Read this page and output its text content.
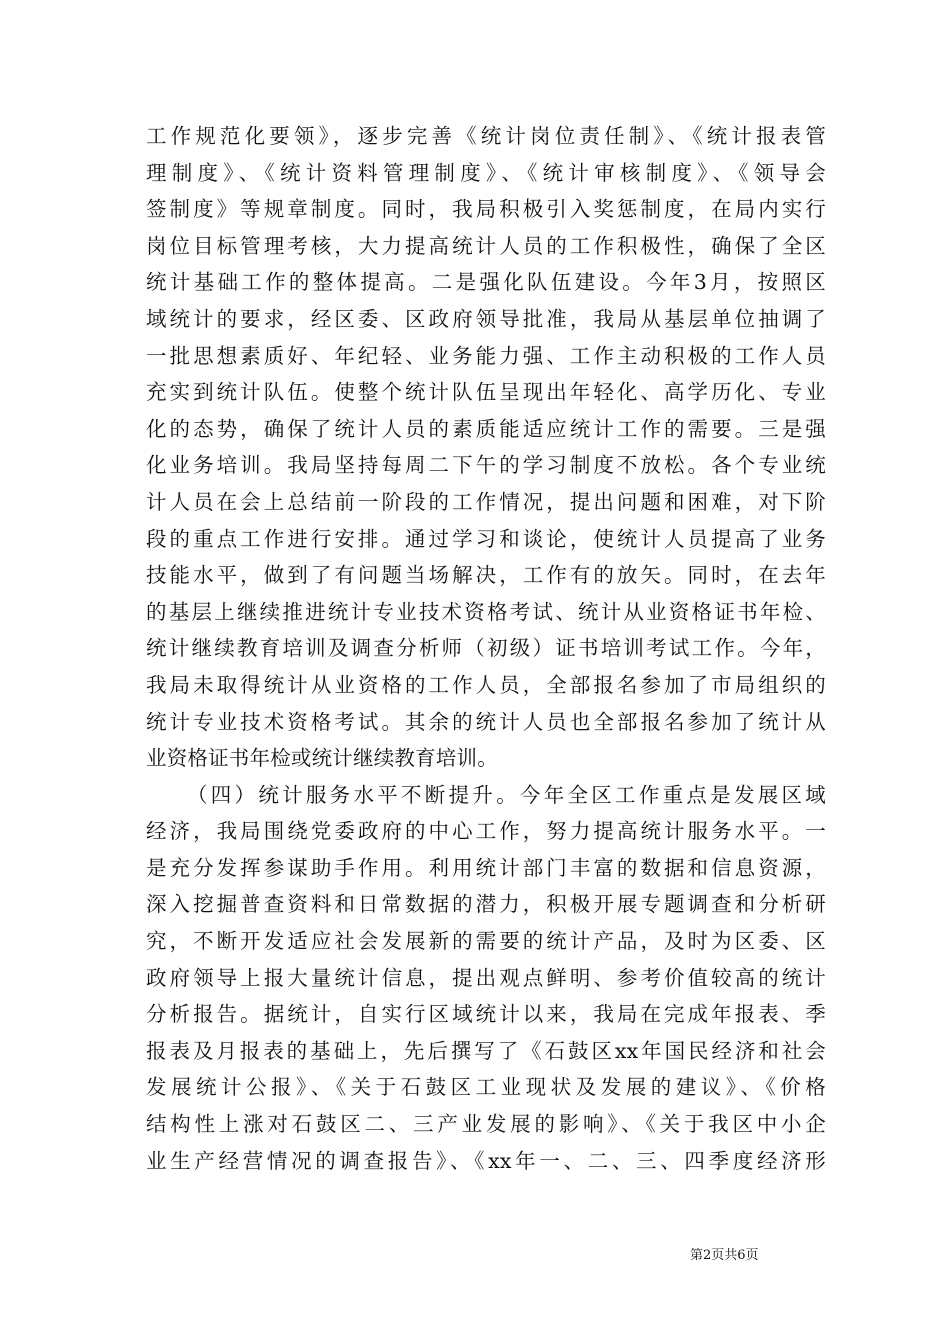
工作规范化要领》，逐步完善《统计岗位责任制》、《统计报表管
理制度》、《统计资料管理制度》、《统计审核制度》、《领导会
签制度》等规章制度。同时，我局积极引入奖惩制度，在局内实行
岗位目标管理考核，大力提高统计人员的工作积极性，确保了全区
统计基础工作的整体提高。二是强化队伍建设。今年3月，按照区
域统计的要求，经区委、区政府领导批准，我局从基层单位抽调了
一批思想素质好、年纪轻、业务能力强、工作主动积极的工作人员
充实到统计队伍。使整个统计队伍呈现出年轻化、高学历化、专业
化的态势，确保了统计人员的素质能适应统计工作的需要。三是强
化业务培训。我局坚持每周二下午的学习制度不放松。各个专业统
计人员在会上总结前一阶段的工作情况，提出问题和困难，对下阶
段的重点工作进行安排。通过学习和谈论，使统计人员提高了业务
技能水平，做到了有问题当场解决，工作有的放矢。同时，在去年
的基层上继续推进统计专业技术资格考试、统计从业资格证书年检、
统计继续教育培训及调查分析师（初级）证书培训考试工作。今年，
我局未取得统计从业资格的工作人员，全部报名参加了市局组织的
统计专业技术资格考试。其余的统计人员也全部报名参加了统计从
业资格证书年检或统计继续教育培训。
（四）统计服务水平不断提升。今年全区工作重点是发展区域
经济，我局围绕党委政府的中心工作，努力提高统计服务水平。一
是充分发挥参谋助手作用。利用统计部门丰富的数据和信息资源，
深入挖掘普查资料和日常数据的潜力，积极开展专题调查和分析研
究，不断开发适应社会发展新的需要的统计产品，及时为区委、区
政府领导上报大量统计信息，提出观点鲜明、参考价值较高的统计
分析报告。据统计，自实行区域统计以来，我局在完成年报表、季
报表及月报表的基础上，先后撰写了《石鼓区xx年国民经济和社会
发展统计公报》、《关于石鼓区工业现状及发展的建议》、《价格
结构性上涨对石鼓区二、三产业发展的影响》、《关于我区中小企
业生产经营情况的调查报告》、《xx年一、二、三、四季度经济形
第2页共6页
